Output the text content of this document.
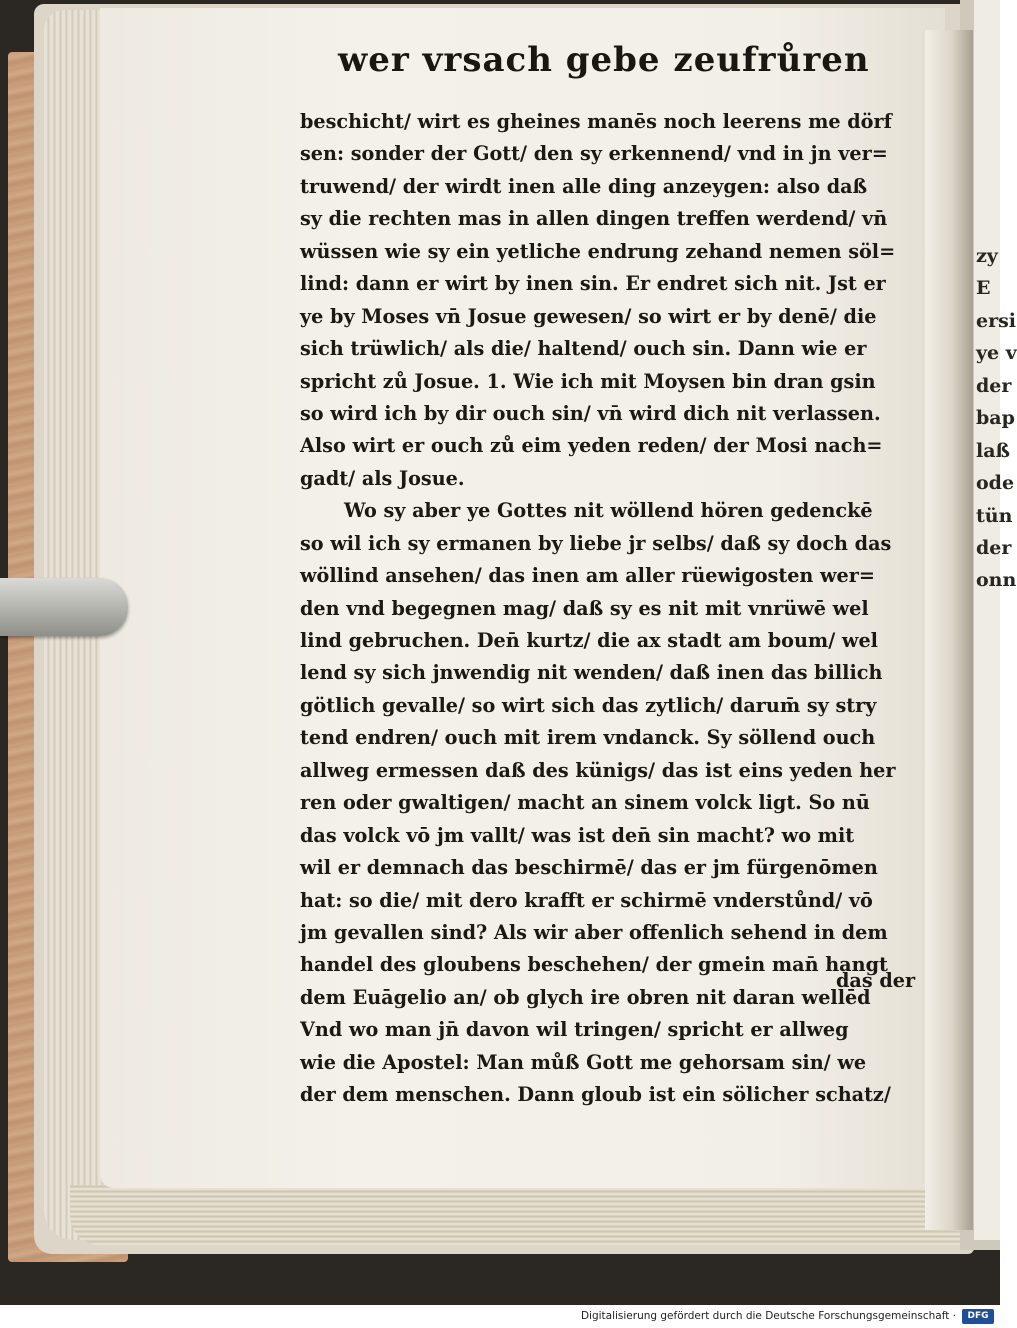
wer vrsach gebe zeufrůren
beschicht/ wirt es gheines manēs noch leerens me dörf
sen: sonder der Gott/ den sy erkennend/ vnd in jn ver=
truwend/ der wirdt inen alle ding anzeygen: also daß
sy die rechten mas in allen dingen treffen werdend/ vn̄
wüssen wie sy ein yetliche endrung zehand nemen söl=
lind: dann er wirt by inen sin. Er endret sich nit. Jst er
ye by Moses vn̄ Josue gewesen/ so wirt er by denē/ die
sich trüwlich/ als die/ haltend/ ouch sin. Dann wie er
spricht zů Josue. 1. Wie ich mit Moysen bin dran gsin
so wird ich by dir ouch sin/ vn̄ wird dich nit verlassen.
Also wirt er ouch zů eim yeden reden/ der Mosi nach=
gadt/ als Josue.
Wo sy aber ye Gottes nit wöllend hören gedenckē
so wil ich sy ermanen by liebe jr selbs/ daß sy doch das
wöllind ansehen/ das inen am aller rüewigosten wer=
den vnd begegnen mag/ daß sy es nit mit vnrüwē wel
lind gebruchen. Den̄ kurtz/ die ax stadt am boum/ wel
lend sy sich jnwendig nit wenden/ daß inen das billich
götlich gevalle/ so wirt sich das zytlich/ darum̄ sy stry
tend endren/ ouch mit irem vndanck. Sy söllend ouch
allweg ermessen daß des künigs/ das ist eins yeden her
ren oder gwaltigen/ macht an sinem volck ligt. So nū
das volck vō jm vallt/ was ist den̄ sin macht? wo mit
wil er demnach das beschirmē/ das er jm fürgenōmen
hat: so die/ mit dero krafft er schirmē vnderstůnd/ vō
jm gevallen sind? Als wir aber offenlich sehend in dem
handel des gloubens beschehen/ der gmein man̄ hangt
dem Euāgelio an/ ob glych ire obren nit daran wellēd
Vnd wo man jn̄ davon wil tringen/ spricht er allweg
wie die Apostel: Man můß Gott me gehorsam sin/ we
der dem menschen. Dann gloub ist ein sölicher schatz/
das der
zy
E
ersi
ye v
der
bap
laß
ode
tün
der
onn
Digitalisierung gefördert durch die Deutsche Forschungsgemeinschaft ·	DFG
